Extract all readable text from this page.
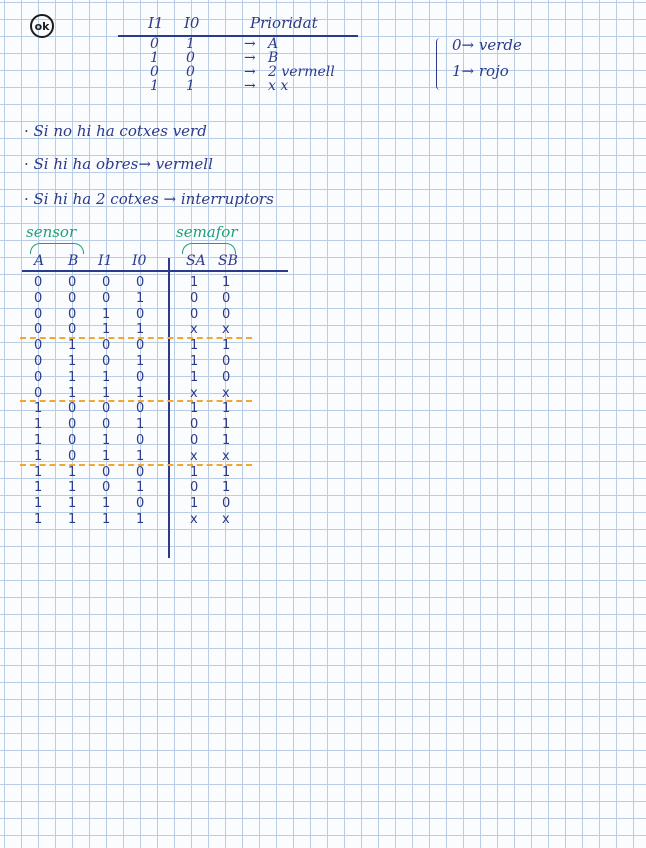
ok	I1 I0	Prioridat
0 1	→ A
1 0	→ B
0 0	→ 2 vermell
1 1	→ x x
0→ verde
1→ rojo
· Si no hi ha cotxes verd
· Si hi ha obres→ vermell
· Si hi ha 2 cotxes → interruptors
sensor	semafor
A B I1 I0	SA SB
0 0 0 0	1 1
0 0 0 1	0 0
0 0 1 0	0 0
0 0 1 1	x x
0 1 0 0	1 1
0 1 0 1	1 0
0 1 1 0	1 0
0 1 1 1	x x
1 0 0 0	1 1
1 0 0 1	0 1
1 0 1 0	0 1
1 0 1 1	x x
1 1 0 0	1 1
1 1 0 1	0 1
1 1 1 0	1 0
1 1 1 1	x x
